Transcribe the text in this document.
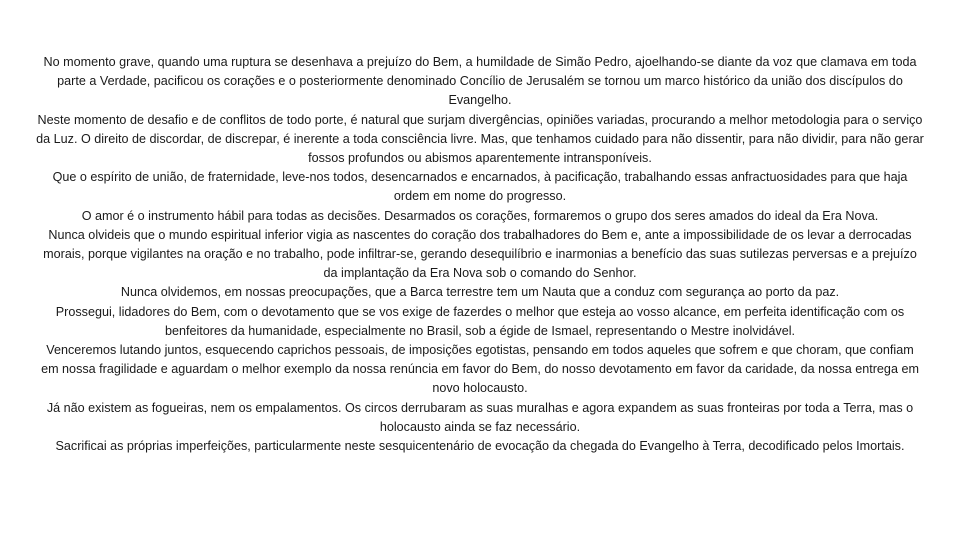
No momento grave, quando uma ruptura se desenhava a prejuízo do Bem, a humildade de Simão Pedro, ajoelhando-se diante da voz que clamava em toda parte a Verdade, pacificou os corações e o posteriormente denominado Concílio de Jerusalém se tornou um marco histórico da união dos discípulos do Evangelho.

Neste momento de desafio e de conflitos de todo porte, é natural que surjam divergências, opiniões variadas, procurando a melhor metodologia para o serviço da Luz. O direito de discordar, de discrepar, é inerente a toda consciência livre. Mas, que tenhamos cuidado para não dissentir, para não dividir, para não gerar fossos profundos ou abismos aparentemente intransponíveis.

Que o espírito de união, de fraternidade, leve-nos todos, desencarnados e encarnados, à pacificação, trabalhando essas anfractuosidades para que haja ordem em nome do progresso.

O amor é o instrumento hábil para todas as decisões. Desarmados os corações, formaremos o grupo dos seres amados do ideal da Era Nova.

Nunca olvideis que o mundo espiritual inferior vigia as nascentes do coração dos trabalhadores do Bem e, ante a impossibilidade de os levar a derrocadas morais, porque vigilantes na oração e no trabalho, pode infiltrar-se, gerando desequilíbrio e inarmonias a benefício das suas sutilezas perversas e a prejuízo da implantação da Era Nova sob o comando do Senhor.

Nunca olvidemos, em nossas preocupações, que a Barca terrestre tem um Nauta que a conduz com segurança ao porto da paz.

Prossegui, lidadores do Bem, com o devotamento que se vos exige de fazerdes o melhor que esteja ao vosso alcance, em perfeita identificação com os benfeitores da humanidade, especialmente no Brasil, sob a égide de Ismael, representando o Mestre inolvidável.

Venceremos lutando juntos, esquecendo caprichos pessoais, de imposições egotistas, pensando em todos aqueles que sofrem e que choram, que confiam em nossa fragilidade e aguardam o melhor exemplo da nossa renúncia em favor do Bem, do nosso devotamento em favor da caridade, da nossa entrega em novo holocausto.

Já não existem as fogueiras, nem os empalamentos. Os circos derrubaram as suas muralhas e agora expandem as suas fronteiras por toda a Terra, mas o holocausto ainda se faz necessário.

Sacrificai as próprias imperfeições, particularmente neste sesquicentenário de evocação da chegada do Evangelho à Terra, decodificado pelos Imortais.
